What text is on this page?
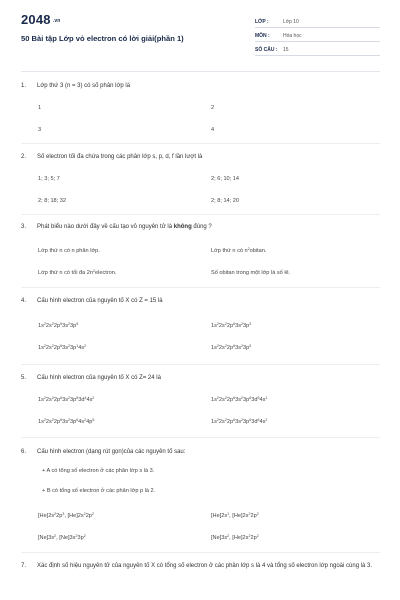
2048 .vn
50 Bài tập Lớp vỏ electron có lời giải(phần 1)
LỚP :	Lớp 10
MÔN :	Hóa học
SỐ CÂU : 15
1. Lớp thứ 3 (n = 3) có số phân lớp là
1	2
3	4
2. Số electron tối đa chứa trong các phân lớp s, p, d, f lần lượt là
1; 3; 5; 7	2; 6; 10; 14
2; 8; 18; 32	2; 8; 14; 20
3. Phát biểu nào dưới đây về cấu tạo vỏ nguyên tử là không đúng ?
Lớp thứ n có n phân lớp.	Lớp thứ n có $n^2obitan$.
Lớp thứ n có tối đa $2n^2electron$.	Số obitan trong một lớp là số lẻ.
4. Cấu hình electron của nguyên tố X có Z = 15 là
$1s^22s^22p^53s^23p^5$	$1s^22s^22p^63s^23p^3$
$1s^22s^22p^63s^23p^14s^2$	$1s^22s^22p^63s^23p^5$
5. Cấu hình electron của nguyên tố X có Z= 24 là
$1s^22s^22p^63s^23p^63d^44s^2$	$1s^22s^22p^63s^23p^63d^54s^1$
$1s^22s^22p^63s^23p^64s^24p^5$	$1s^22s^22p^63s^23p^63d^64s^2$
6. Cấu hình electron (dạng rút gọn)của các nguyên tố sau:
+ A có tổng số electron ở các phân lớp s là 3.
+ B có tổng số electron ở các phân lớp p là 2.
$[He]2s^22p^3$, $[He]2s^22p^2$	$[He]2s^1$, $[He]2s^22p^2$
$[Ne]3s^2$, $[Ne]3s^23p^2$	$[Ne]3s^2$, $[He]2s^22p^2$
7. Xác định số hiệu nguyên tử của nguyên tố X có tổng số electron ở các phân lớp s là 4 và tổng số electron lớp ngoài cùng là 3.
